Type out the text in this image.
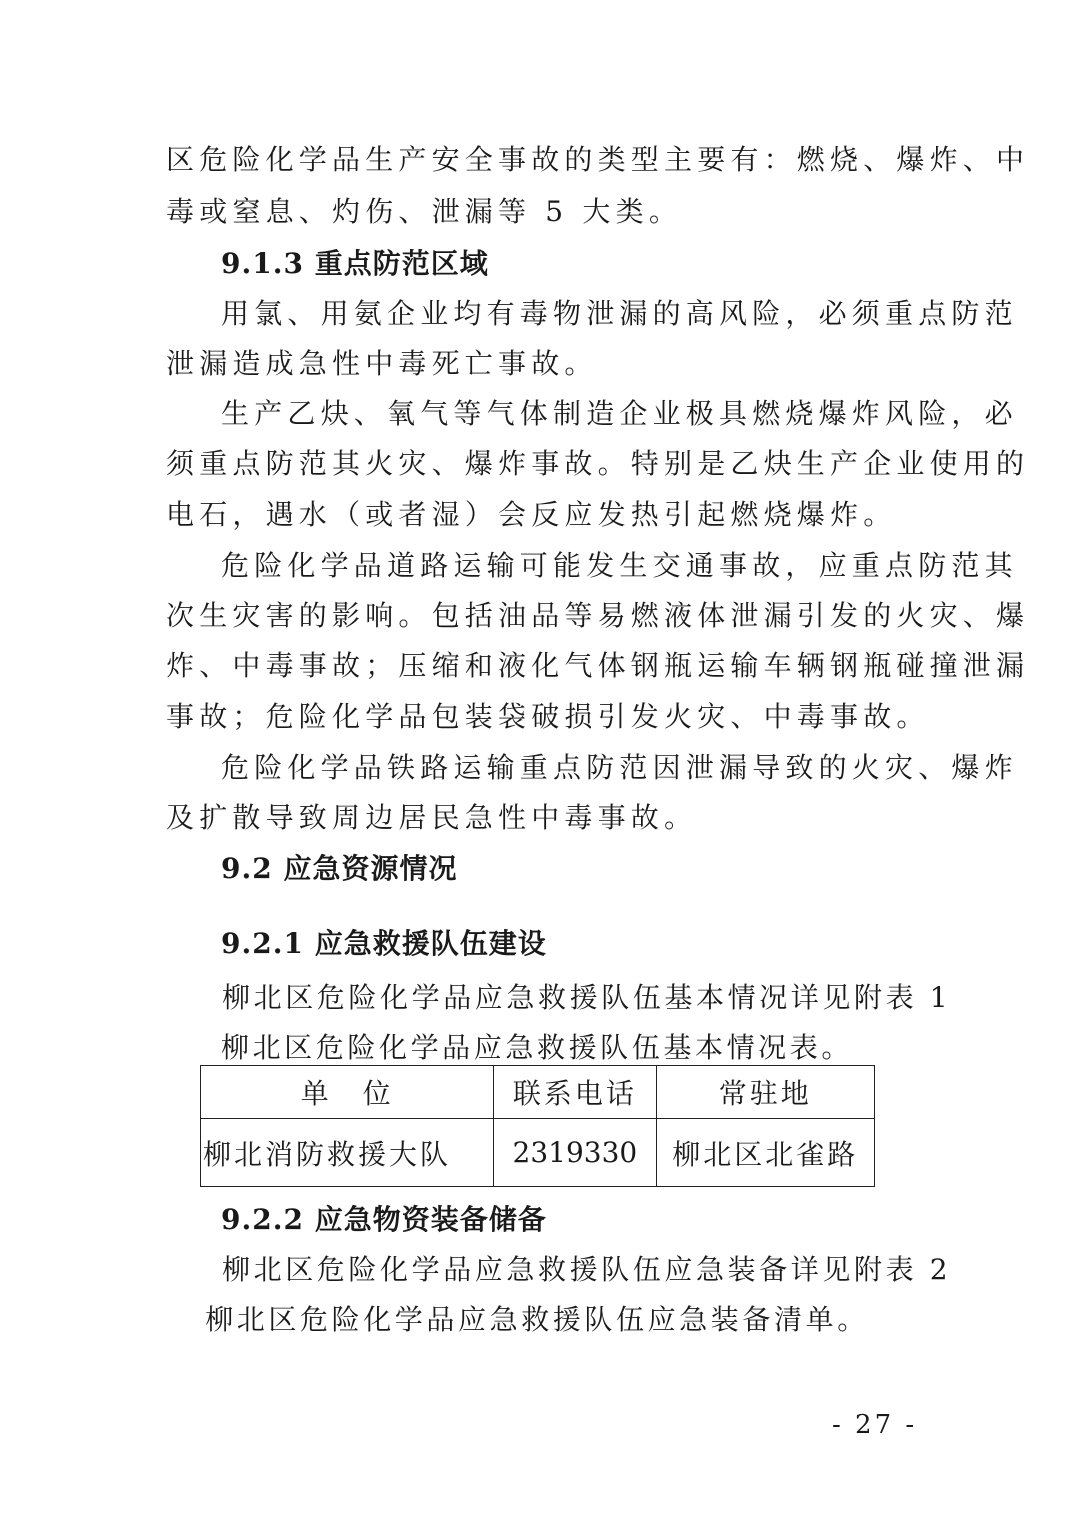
区危险化学品生产安全事故的类型主要有：燃烧、爆炸、中
毒或窒息、灼伤、泄漏等 5 大类。
9.1.3 重点防范区域
用氯、用氨企业均有毒物泄漏的高风险，必须重点防范
泄漏造成急性中毒死亡事故。
生产乙炔、氧气等气体制造企业极具燃烧爆炸风险，必
须重点防范其火灾、爆炸事故。特别是乙炔生产企业使用的
电石，遇水（或者湿）会反应发热引起燃烧爆炸。
危险化学品道路运输可能发生交通事故，应重点防范其
次生灾害的影响。包括油品等易燃液体泄漏引发的火灾、爆
炸、中毒事故；压缩和液化气体钢瓶运输车辆钢瓶碰撞泄漏
事故；危险化学品包装袋破损引发火灾、中毒事故。
危险化学品铁路运输重点防范因泄漏导致的火灾、爆炸
及扩散导致周边居民急性中毒事故。
9.2 应急资源情况
9.2.1 应急救援队伍建设
柳北区危险化学品应急救援队伍基本情况详见附表 1
柳北区危险化学品应急救援队伍基本情况表。
单　位	联系电话	常驻地
柳北消防救援大队	2319330	柳北区北雀路
9.2.2 应急物资装备储备
柳北区危险化学品应急救援队伍应急装备详见附表 2
柳北区危险化学品应急救援队伍应急装备清单。
- 27 -
